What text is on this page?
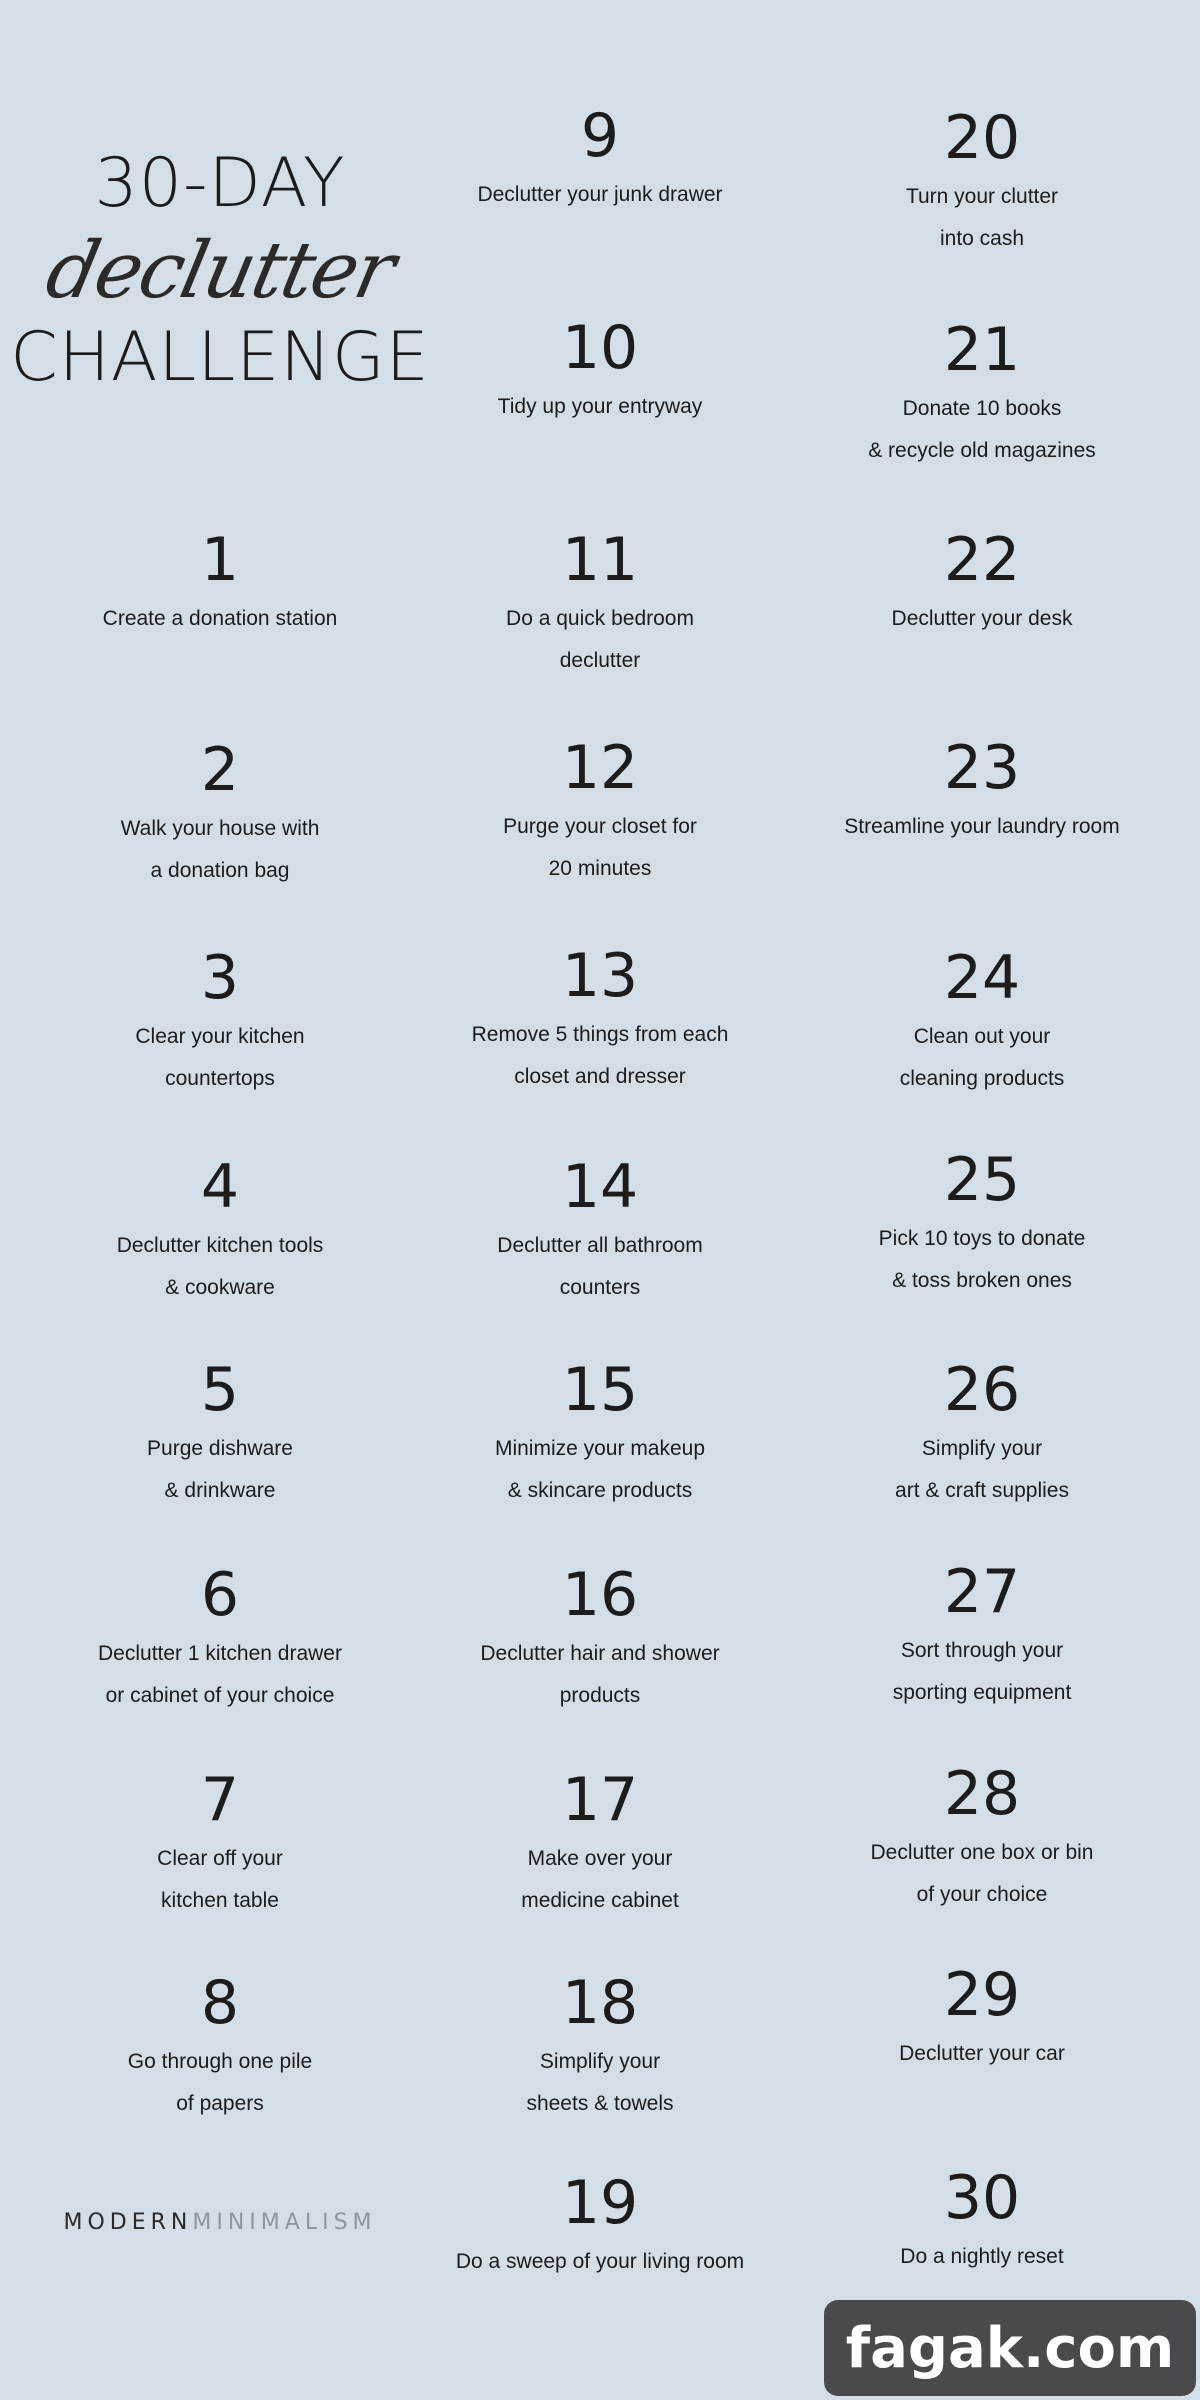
30-DAY
declutter
CHALLENGE
1
Create a donation station
2
Walk your house with
a donation bag
3
Clear your kitchen
countertops
4
Declutter kitchen tools
& cookware
5
Purge dishware
& drinkware
6
Declutter 1 kitchen drawer
or cabinet of your choice
7
Clear off your
kitchen table
8
Go through one pile
of papers
9
Declutter your junk drawer
10
Tidy up your entryway
11
Do a quick bedroom
declutter
12
Purge your closet for
20 minutes
13
Remove 5 things from each
closet and dresser
14
Declutter all bathroom
counters
15
Minimize your makeup
& skincare products
16
Declutter hair and shower
products
17
Make over your
medicine cabinet
18
Simplify your
sheets & towels
19
Do a sweep of your living room
20
Turn your clutter
into cash
21
Donate 10 books
& recycle old magazines
22
Declutter your desk
23
Streamline your laundry room
24
Clean out your
cleaning products
25
Pick 10 toys to donate
& toss broken ones
26
Simplify your
art & craft supplies
27
Sort through your
sporting equipment
28
Declutter one box or bin
of your choice
29
Declutter your car
30
Do a nightly reset
MODERNMINIMALISM
fagak.com
